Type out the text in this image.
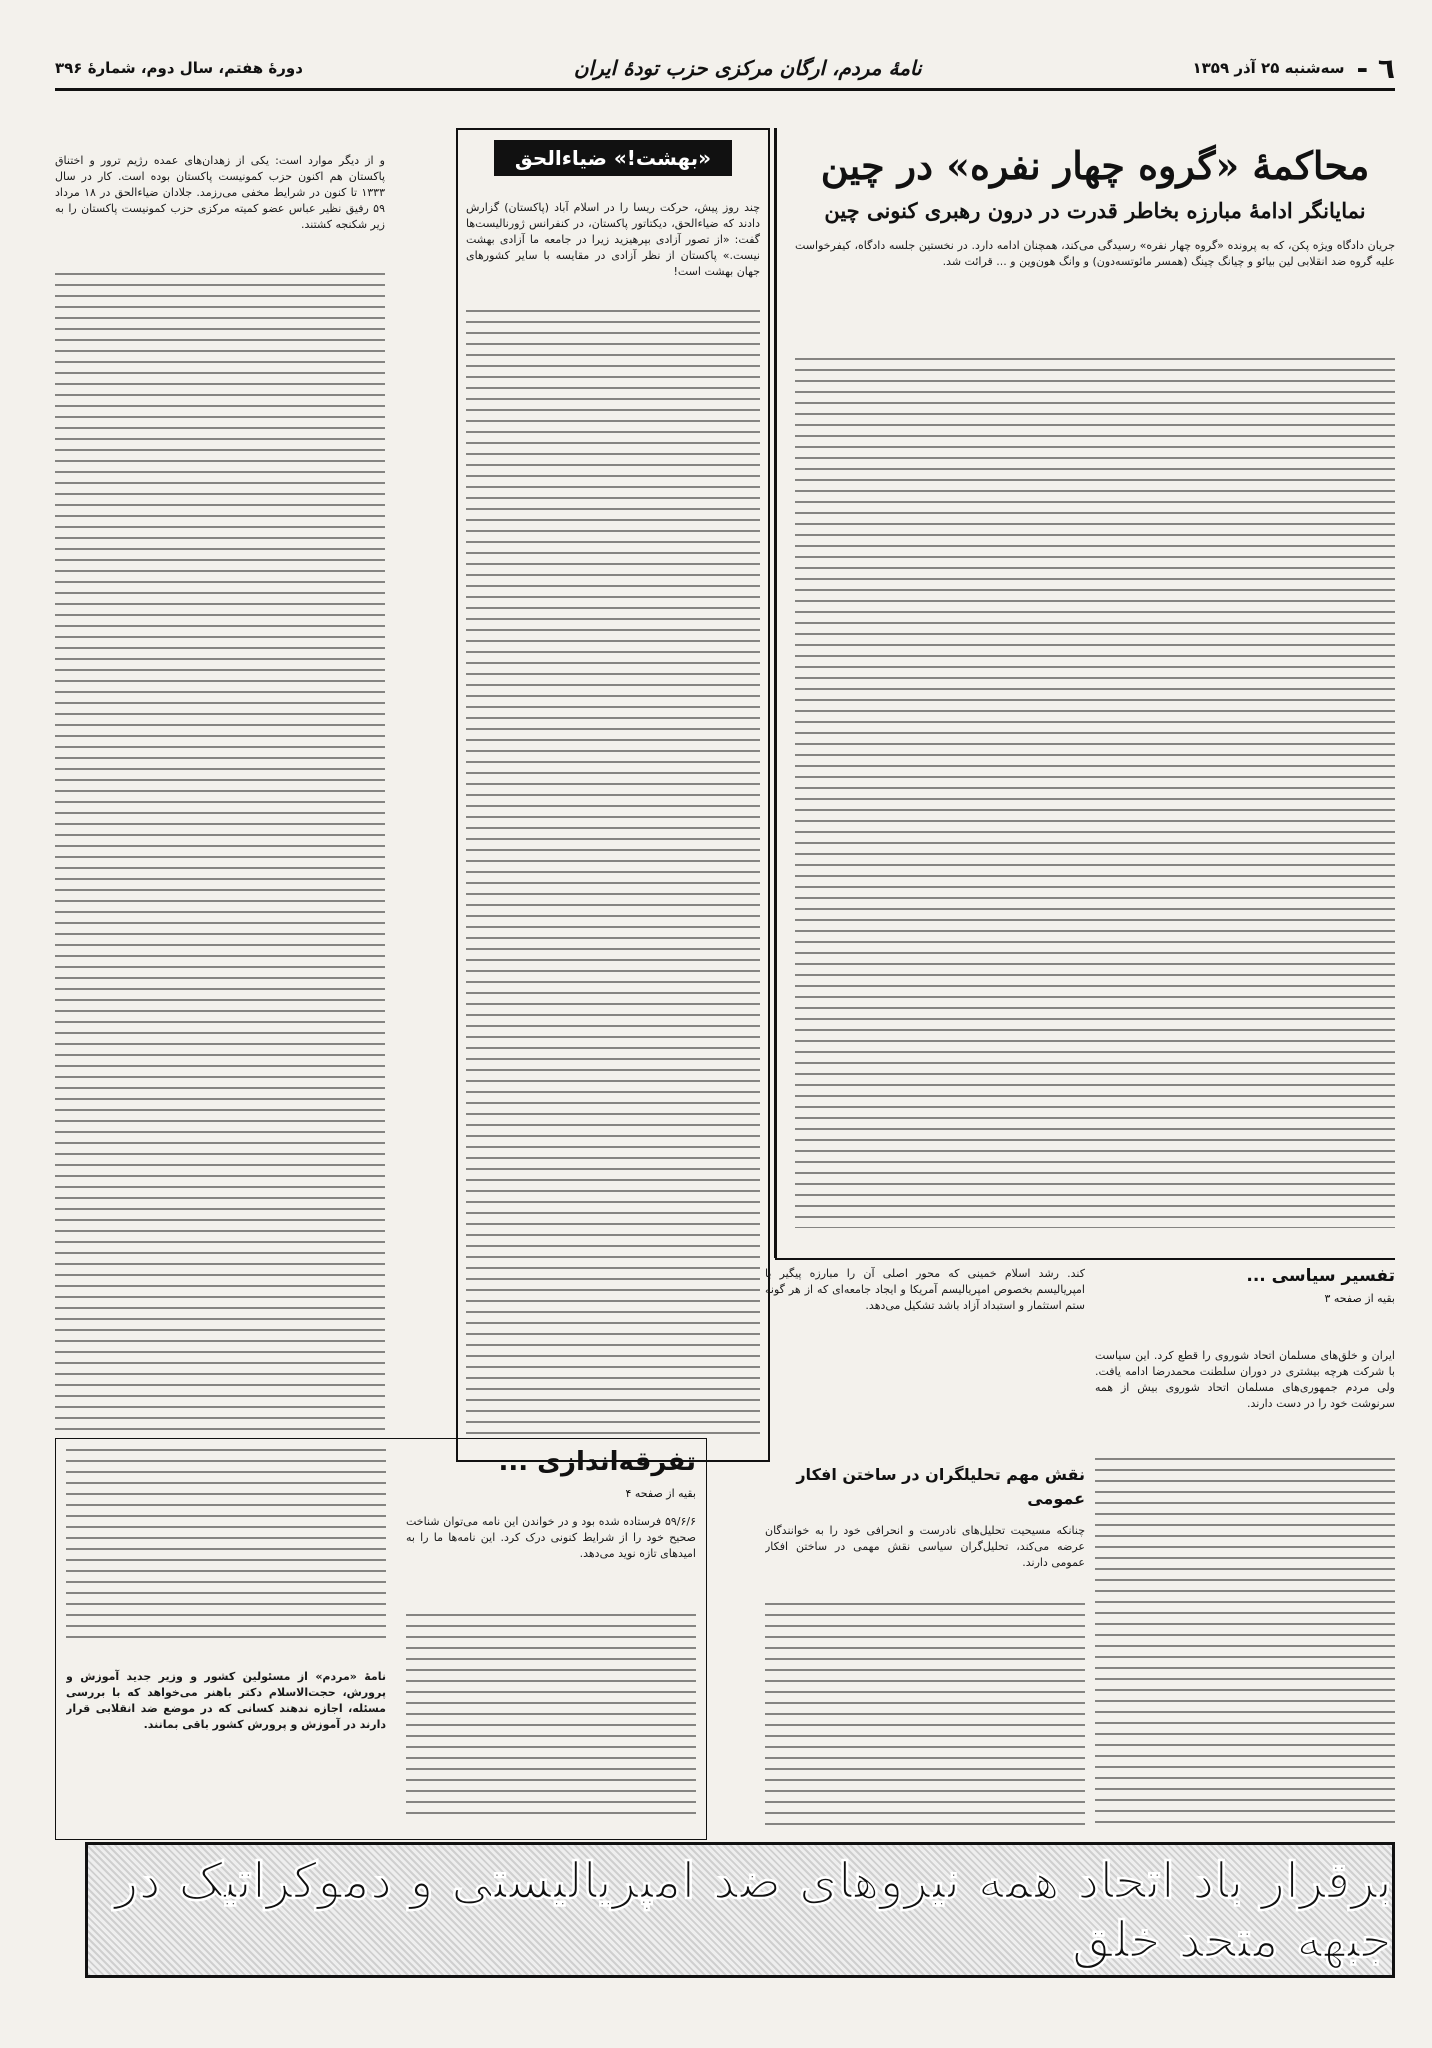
٦ -
سه‌شنبه ۲۵ آذر ۱۳۵۹
نامۀ مردم، ارگان مرکزی حزب تودۀ ایران
دورۀ هفتم، سال دوم، شمارۀ ۳۹۶
محاکمۀ «گروه چهار نفره» در چین
نمایانگر ادامۀ مبارزه بخاطر قدرت در درون رهبری کنونی چین
جریان دادگاه ویژه پکن، که به پرونده «گروه چهار نفره» رسیدگی می‌کند، همچنان ادامه دارد. در نخستین جلسه دادگاه، کیفرخواست علیه گروه ضد انقلابی لین بیائو و چیانگ چینگ (همسر مائوتسه‌دون) و وانگ هون‌وین و ... قرائت شد.
«بهشت!» ضیاءالحق
چند روز پیش، حرکت ریسا را در اسلام آباد (پاکستان) گزارش دادند که ضیاءالحق، دیکتاتور پاکستان، در کنفرانس ژورنالیست‌ها گفت: «از تصور آزادی بپرهیزید زیرا در جامعه ما آزادی بهشت نیست.» پاکستان از نظر آزادی در مقایسه با سایر کشورهای جهان بهشت است!
و از دیگر موارد است: یکی از زهدان‌های عمده رژیم ترور و اختناق پاکستان هم اکنون حزب کمونیست پاکستان بوده است. کار در سال ۱۳۳۳ تا کنون در شرایط مخفی می‌رزمد. جلادان ضیاءالحق در ۱۸ مرداد ۵۹ رفیق نظیر عباس عضو کمیته مرکزی حزب کمونیست پاکستان را به زیر شکنجه کشتند.
تفسیر سیاسی ...
بقیه از صفحه ۳
ایران و خلق‌های مسلمان اتحاد شوروی را قطع کرد. این سیاست با شرکت هرچه بیشتری در دوران سلطنت محمدرضا ادامه یافت. ولی مردم جمهوری‌های مسلمان اتحاد شوروی بیش از همه سرنوشت خود را در دست دارند.
کند. رشد اسلام خمینی که محور اصلی آن را مبارزه پیگیر با امپریالیسم بخصوص امپریالیسم آمریکا و ایجاد جامعه‌ای که از هر گونه ستم استثمار و استبداد آزاد باشد تشکیل می‌دهد.
نقش مهم تحلیلگران در ساختن افکار عمومی
چنانکه مسیحیت تحلیل‌های نادرست و انحرافی خود را به خوانندگان عرضه می‌کند، تحلیل‌گران سیاسی نقش مهمی در ساختن افکار عمومی دارند.
تفرقه‌اندازی ...
بقیه از صفحه ۴
۵۹/۶/۶ فرستاده شده بود و در خواندن این نامه می‌توان شناخت صحیح خود را از شرایط کنونی درک کرد. این نامه‌ها ما را به امیدهای تازه نوید می‌دهد.
نامۀ «مردم» از مسئولین کشور و وزیر جدید آموزش و پرورش، حجت‌الاسلام دکتر باهنر می‌خواهد که با بررسی مسئله، اجازه ندهند کسانی که در موضع ضد انقلابی قرار دارند در آموزش و پرورش کشور باقی بمانند.
برقرار باد اتحاد همه نیروهای ضد امپریالیستی و دموکراتیک در جبهه متحد خلق
